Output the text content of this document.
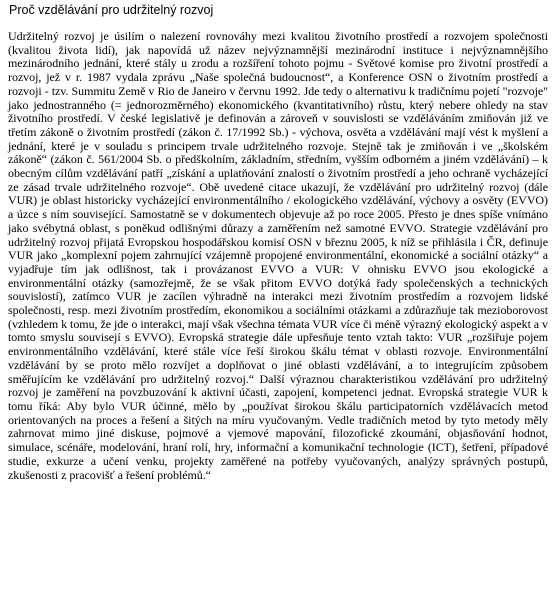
Proč vzdělávání pro udržitelný rozvoj

Udržitelný rozvoj je úsilím o nalezení rovnováhy mezi kvalitou životního prostředí a rozvojem společnosti (kvalitou života lidí), jak napovídá už název nejvýznamnější mezinárodní instituce i nejvýznamnějšího mezinárodního jednání, které stály u zrodu a rozšíření tohoto pojmu - Světové komise pro životní prostředí a rozvoj, jež v r. 1987 vydala zprávu „Naše společná budoucnost“, a Konference OSN o životním prostředí a rozvoji - tzv. Summitu Země v Rio de Janeiro v červnu 1992. Jde tedy o alternativu k tradičnímu pojetí "rozvoje" jako jednostranného (= jednorozměrného) ekonomického (kvantitativního) růstu, který nebere ohledy na stav životního prostředí. V české legislativě je definován a zároveň v souvislosti se vzděláváním zmiňován již ve třetím zákoně o životním prostředí (zákon č. 17/1992 Sb.) - výchova, osvěta a vzdělávání mají vést k myšlení a jednání, které je v souladu s principem trvale udržitelného rozvoje. Stejně tak je zmiňován i ve „školském zákoně“ (zákon č. 561/2004 Sb. o předškolním, základním, středním, vyšším odborném a jiném vzdělávání) – k obecným cílům vzdělávání patří „získání a uplatňování znalostí o životním prostředí a jeho ochraně vycházející ze zásad trvale udržitelného rozvoje“. Obě uvedené citace ukazují, že vzdělávání pro udržitelný rozvoj (dále VUR) je oblast historicky vycházející environmentálního / ekologického vzdělávání, výchovy a osvěty (EVVO) a úzce s ním související. Samostatně se v dokumentech objevuje až po roce 2005. Přesto je dnes spíše vnímáno jako svébytná oblast, s poněkud odlišnými důrazy a zaměřením než samotné EVVO. Strategie vzdělávání pro udržitelný rozvoj přijatá Evropskou hospodářskou komisí OSN v březnu 2005, k níž se přihlásila i ČR, definuje VUR jako „komplexní pojem zahrnující vzájemně propojené environmentální, ekonomické a sociální otázky“ a vyjadřuje tím jak odlišnost, tak i provázanost EVVO a VUR: V ohnisku EVVO jsou ekologické a environmentální otázky (samozřejmě, že se však přitom EVVO dotýká řady společenských a technických souvislostí), zatímco VUR je zacílen výhradně na interakci mezi životním prostředím a rozvojem lidské společnosti, resp. mezi životním prostředím, ekonomikou a sociálními otázkami a zdůrazňuje tak mezioborovost (vzhledem k tomu, že jde o interakci, mají však všechna témata VUR více či méně výrazný ekologický aspekt a v tomto smyslu souvisejí s EVVO). Evropská strategie dále upřesňuje tento vztah takto: VUR „rozšiřuje pojem environmentálního vzdělávání, které stále více řeší širokou škálu témat v oblasti rozvoje. Environmentální vzdělávání by se proto mělo rozvíjet a doplňovat o jiné oblasti vzdělávání, a to integrujícím způsobem směřujícím ke vzdělávání pro udržitelný rozvoj.“ Další výraznou charakteristikou vzdělávání pro udržitelný rozvoj je zaměření na povzbuzování k aktivní účasti, zapojení, kompetenci jednat. Evropská strategie VUR k tomu říká: Aby bylo VUR účinné, mělo by „používat širokou škálu participatorních vzdělávacích metod orientovaných na proces a řešení a šitých na míru vyučovaným. Vedle tradičních metod by tyto metody měly zahrnovat mimo jiné diskuse, pojmové a vjemové mapování, filozofické zkoumání, objasňování hodnot, simulace, scénáře, modelování, hraní rolí, hry, informační a komunikační technologie (ICT), šetření, případové studie, exkurze a učení venku, projekty zaměřené na potřeby vyučovaných, analýzy správných postupů, zkušenosti z pracovišť a řešení problémů.“
